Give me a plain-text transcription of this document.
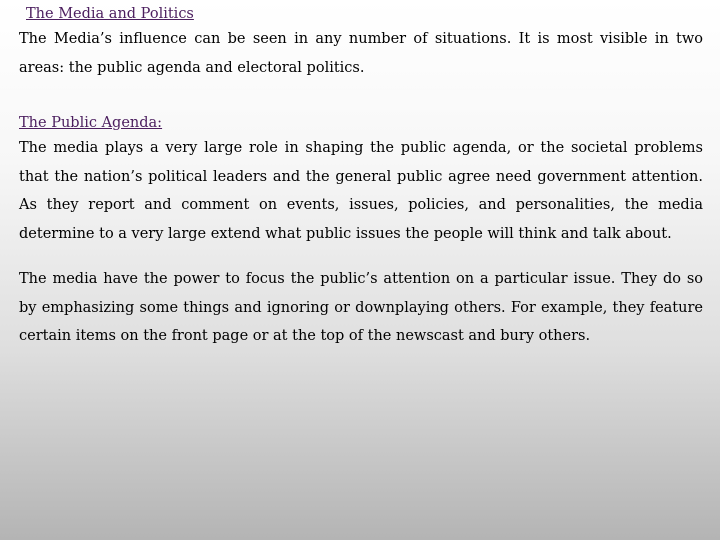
The Media and Politics

The Media’s influence can be seen in any number of situations. It is most visible in two areas: the public agenda and electoral politics.

The Public Agenda:

The media plays a very large role in shaping the public agenda, or the societal problems that the nation’s political leaders and the general public agree need government attention. As they report and comment on events, issues, policies, and personalities, the media determine to a very large extend what public issues the people will think and talk about.

The media have the power to focus the public’s attention on a particular issue. They do so by emphasizing some things and ignoring or downplaying others. For example, they feature certain items on the front page or at the top of the newscast and bury others.
